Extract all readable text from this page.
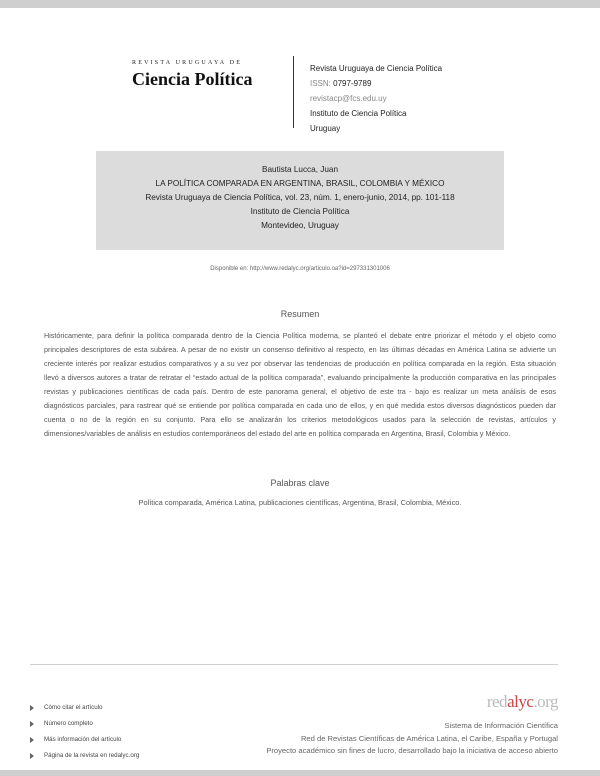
REVISTA URUGUAYA DE
Ciencia Política
Revista Uruguaya de Ciencia Política
ISSN: 0797-9789
revistacp@fcs.edu.uy
Instituto de Ciencia Política
Uruguay
Bautista Lucca, Juan
LA POLÍTICA COMPARADA EN ARGENTINA, BRASIL, COLOMBIA Y MÉXICO
Revista Uruguaya de Ciencia Política, vol. 23, núm. 1, enero-junio, 2014, pp. 101-118
Instituto de Ciencia Política
Montevideo, Uruguay
Disponible en: http://www.redalyc.org/articulo.oa?id=297331301006
Resumen
Históricamente, para definir la política comparada dentro de la Ciencia Política moderna, se planteó el debate entre priorizar el método y el objeto como principales descriptores de esta subárea. A pesar de no existir un consenso definitivo al respecto, en las últimas décadas en América Latina se advierte un creciente interés por realizar estudios comparativos y a su vez por observar las tendencias de producción en política comparada en la región. Esta situación llevó a diversos autores a tratar de retratar el “estado actual de la política comparada”, evaluando principalmente la producción comparativa en las principales revistas y publicaciones científicas de cada país. Dentro de este panorama general, el objetivo de este tra - bajo es realizar un meta análisis de esos diagnósticos parciales, para rastrear qué se entiende por política comparada en cada uno de ellos, y en qué medida estos diversos diagnósticos pueden dar cuenta o no de la región en su conjunto. Para ello se analizarán los criterios metodológicos usados para la selección de revistas, artículos y dimensiones/variables de análisis en estudios contemporáneos del estado del arte en política comparada en Argentina, Brasil, Colombia y México.
Palabras clave
Política comparada, América Latina, publicaciones científicas, Argentina, Brasil, Colombia, México.
Cómo citar el artículo
Número completo
Más información del artículo
Página de la revista en redalyc.org
redalyc.org
Sistema de Información Científica
Red de Revistas Científicas de América Latina, el Caribe, España y Portugal
Proyecto académico sin fines de lucro, desarrollado bajo la iniciativa de acceso abierto
